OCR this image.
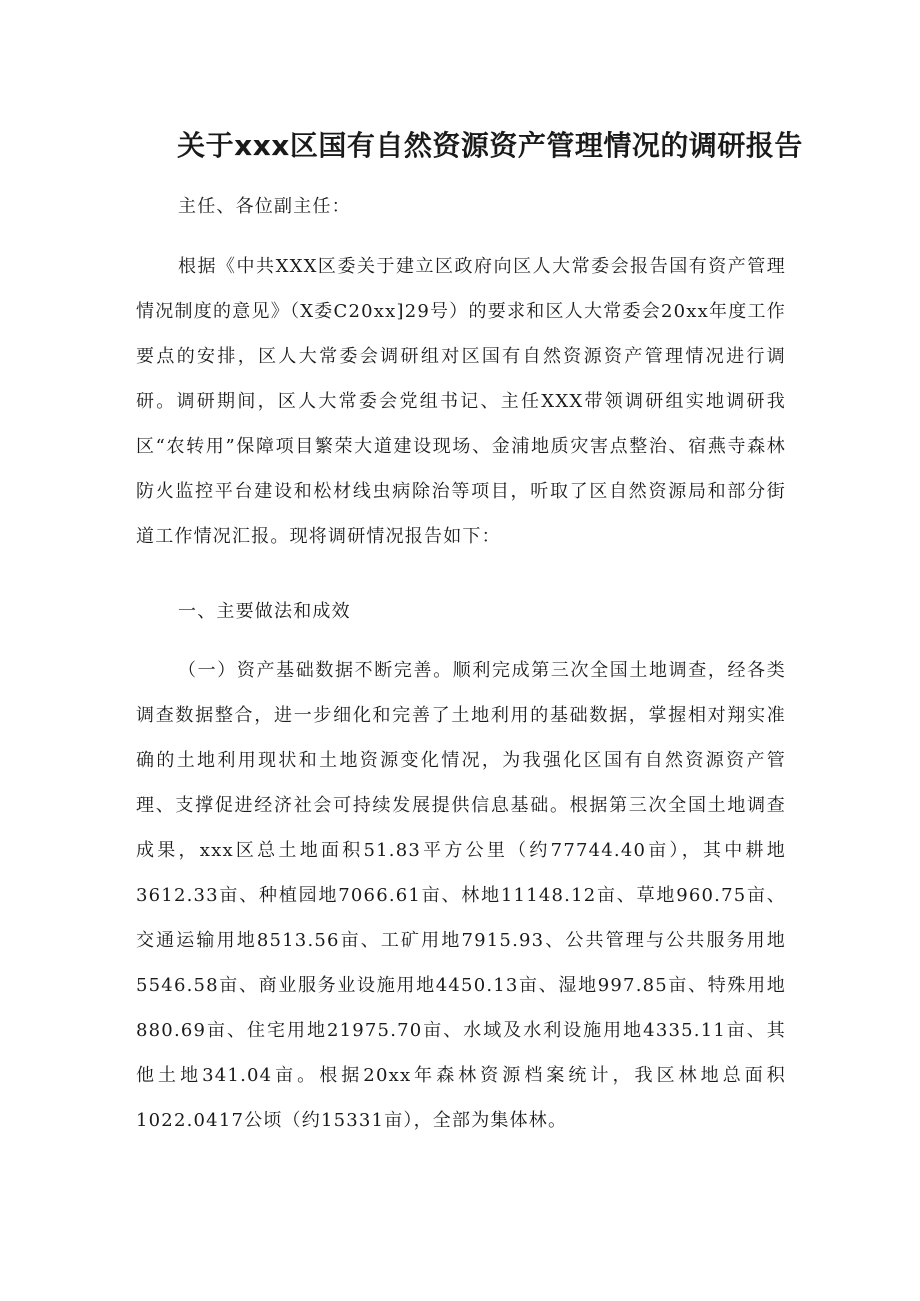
关于xxx区国有自然资源资产管理情况的调研报告
主任、各位副主任：
根据《中共XXX区委关于建立区政府向区人大常委会报告国有资产管理情况制度的意见》（X委C20xx]29号）的要求和区人大常委会20xx年度工作要点的安排，区人大常委会调研组对区国有自然资源资产管理情况进行调研。调研期间，区人大常委会党组书记、主任XXX带领调研组实地调研我区“农转用”保障项目繁荣大道建设现场、金浦地质灾害点整治、宿燕寺森林防火监控平台建设和松材线虫病除治等项目，听取了区自然资源局和部分街道工作情况汇报。现将调研情况报告如下：
一、主要做法和成效
（一）资产基础数据不断完善。顺利完成第三次全国土地调查，经各类调查数据整合，进一步细化和完善了土地利用的基础数据，掌握相对翔实准确的土地利用现状和土地资源变化情况，为我强化区国有自然资源资产管理、支撑促进经济社会可持续发展提供信息基础。根据第三次全国土地调查成果，xxx区总土地面积51.83平方公里（约77744.40亩），其中耕地3612.33亩、种植园地7066.61亩、林地11148.12亩、草地960.75亩、交通运输用地8513.56亩、工矿用地7915.93、公共管理与公共服务用地5546.58亩、商业服务业设施用地4450.13亩、湿地997.85亩、特殊用地880.69亩、住宅用地21975.70亩、水域及水利设施用地4335.11亩、其他土地341.04亩。根据20xx年森林资源档案统计，我区林地总面积1022.0417公顷（约15331亩），全部为集体林。
